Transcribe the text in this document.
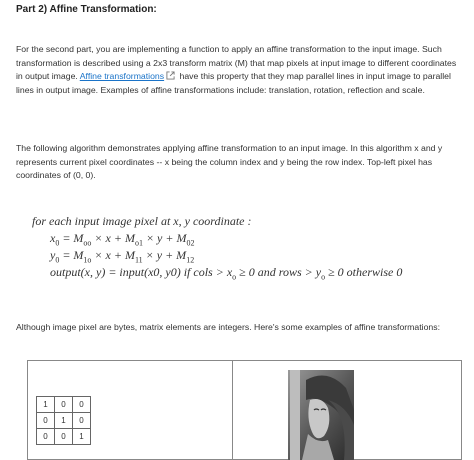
Part 2) Affine Transformation:
For the second part, you are implementing a function to apply an affine transformation to the input image. Such transformation is described using a 2x3 transform matrix (M) that map pixels at input image to different coordinates in output image. Affine transformations have this property that they map parallel lines in input image to parallel lines in output image. Examples of affine transformations include: translation, rotation, reflection and scale.
The following algorithm demonstrates applying affine transformation to an input image. In this algorithm x and y represents current pixel coordinates -- x being the column index and y being the row index. Top-left pixel has coordinates of (0, 0).
for each input image pixel at x, y coordinate :
$x_0 = M_{oo} \times x + M_{o1} \times y + M_{02}$
$y_0 = M_{1o} \times x + M_{11} \times y + M_{12}$
output(x, y) = input(x0, y0) if cols > $x_o \ge 0$ and rows > $y_o \ge 0$ otherwise 0
Although image pixel are bytes, matrix elements are integers. Here's some examples of affine transformations:
1	0	0
0	1	0
0	0	1
